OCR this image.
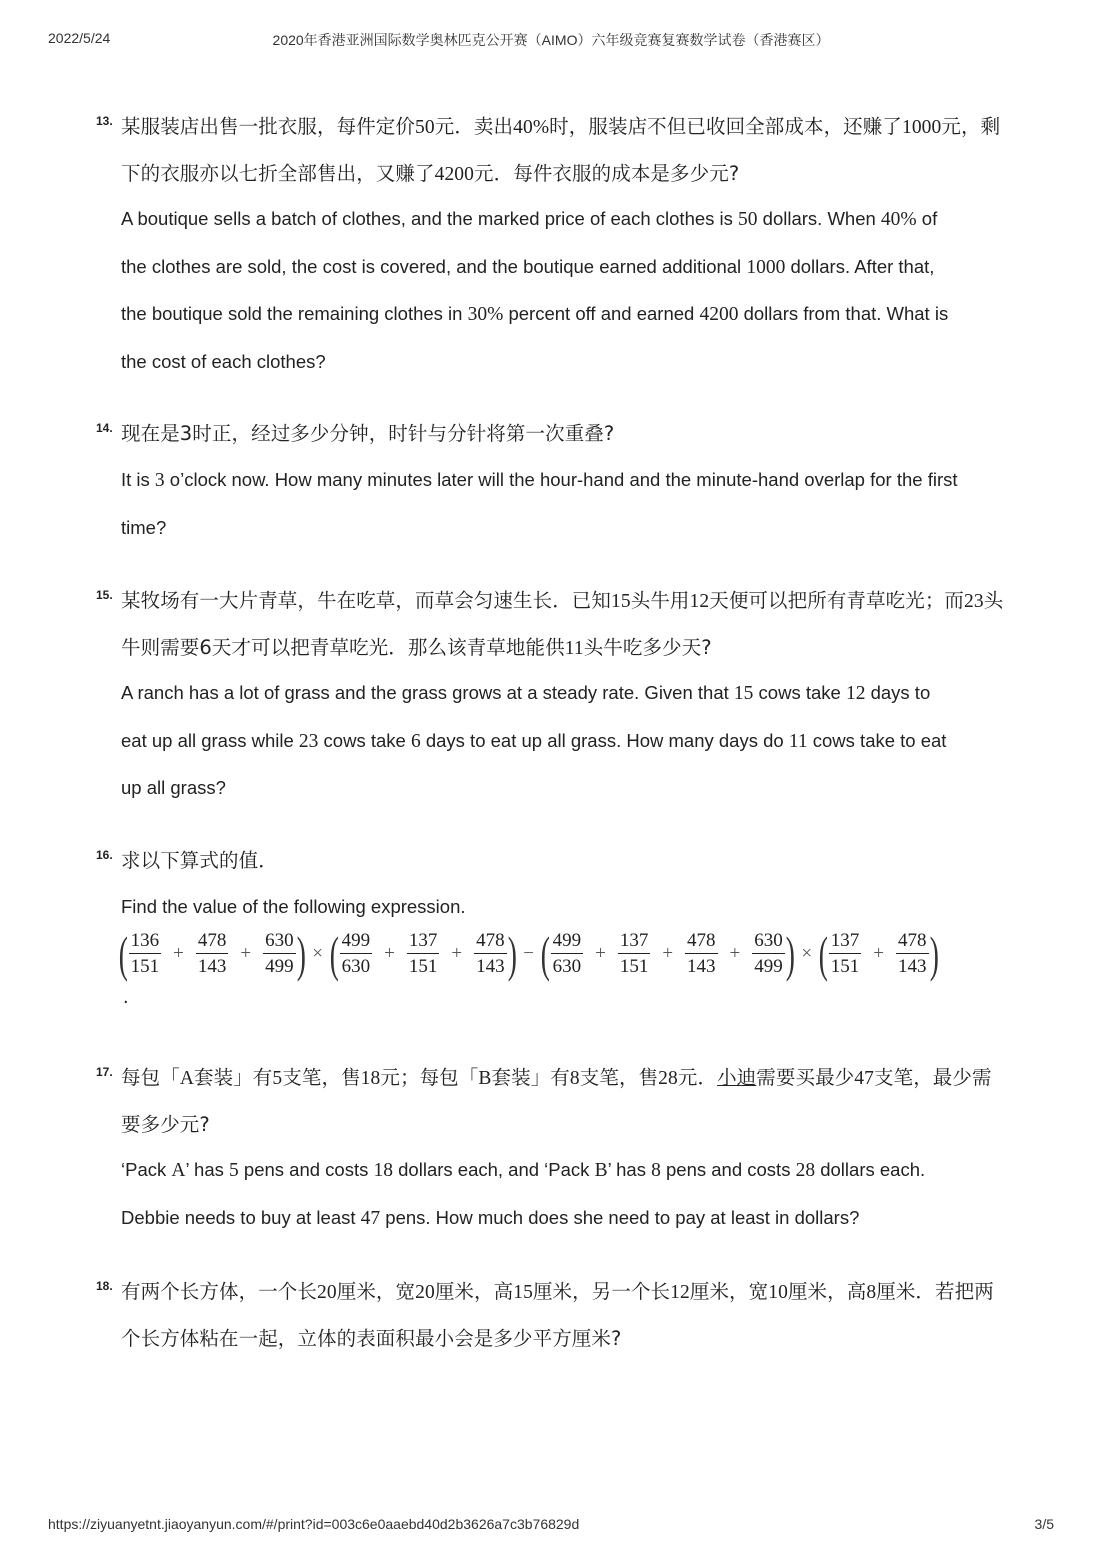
2022/5/24	2020年香港亚洲国际数学奥林匹克公开赛（AIMO）六年级竞赛复赛数学试卷（香港赛区）
13. 某服装店出售一批衣服，每件定价50元．卖出40%时，服装店不但已收回全部成本，还赚了1000元，剩
下的衣服亦以七折全部售出，又赚了4200元．每件衣服的成本是多少元?
A boutique sells a batch of clothes, and the marked price of each clothes is 50 dollars. When 40% of
the clothes are sold, the cost is covered, and the boutique earned additional 1000 dollars. After that,
the boutique sold the remaining clothes in 30% percent off and earned 4200 dollars from that. What is
the cost of each clothes?
14. 现在是3时正，经过多少分钟，时针与分针将第一次重叠?
It is 3 o’clock now. How many minutes later will the hour-hand and the minute-hand overlap for the first
time?
15. 某牧场有一大片青草，牛在吃草，而草会匀速生长．已知15头牛用12天便可以把所有青草吃光；而23头
牛则需要6天才可以把青草吃光．那么该青草地能供11头牛吃多少天?
A ranch has a lot of grass and the grass grows at a steady rate. Given that 15 cows take 12 days to
eat up all grass while 23 cows take 6 days to eat up all grass. How many days do 11 cows take to eat
up all grass?
16. 求以下算式的值．
Find the value of the following expression.
( $\frac{136}{151} + \frac{478}{143} + \frac{630}{499}$ ) × ( $\frac{499}{630} + \frac{137}{151} + \frac{478}{143}$ ) − ( $\frac{499}{630} + \frac{137}{151} + \frac{478}{143} + \frac{630}{499}$ ) × ( $\frac{137}{151} + \frac{478}{143}$ )
.
17. 每包「A套装」有5支笔，售18元；每包「B套装」有8支笔，售28元．小迪需要买最少47支笔，最少需
要多少元?
‘Pack A’ has 5 pens and costs 18 dollars each, and ‘Pack B’ has 8 pens and costs 28 dollars each.
Debbie needs to buy at least 47 pens. How much does she need to pay at least in dollars?
18. 有两个长方体，一个长20厘米，宽20厘米，高15厘米，另一个长12厘米，宽10厘米，高8厘米．若把两
个长方体粘在一起，立体的表面积最小会是多少平方厘米?
https://ziyuanyetnt.jiaoyanyun.com/#/print?id=003c6e0aaebd40d2b3626a7c3b76829d	3/5
